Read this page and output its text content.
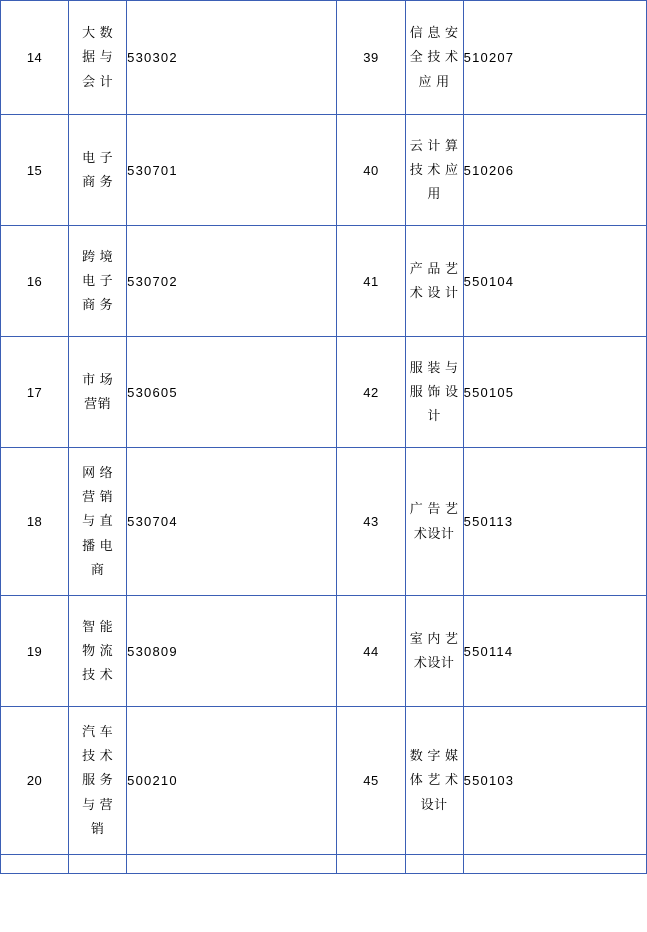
14	大 数
据 与
会 计	530302	39	信 息 安
全 技 术
应 用	510207
15	电 子
商 务	530701	40	云 计 算
技 术 应
用	510206
16	跨 境
电 子
商 务	530702	41	产 品 艺
术 设 计	550104
17	市 场
营销	530605	42	服 装 与
服 饰 设
计	550105
18	网 络
营 销
与 直
播 电
商	530704	43	广 告 艺
术设计	550113
19	智 能
物 流
技 术	530809	44	室 内 艺
术设计	550114
20	汽 车
技 术
服 务
与 营
销	500210	45	数 字 媒
体 艺 术
设计	550103
